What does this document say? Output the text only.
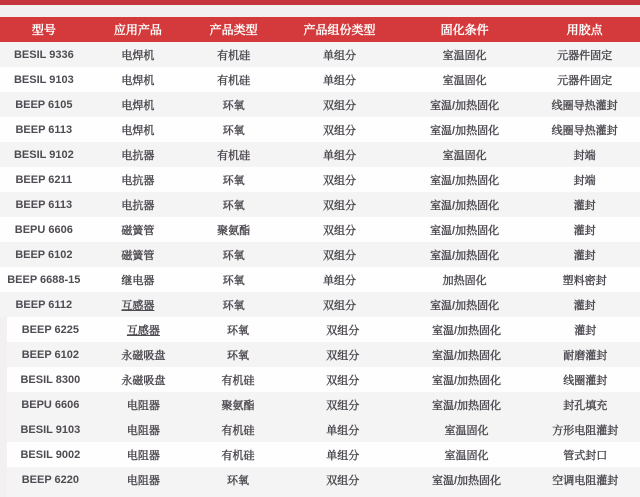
型号	应用产品	产品类型	产品组份类型	固化条件	用胶点
BESIL 9336	电焊机	有机硅	单组分	室温固化	元器件固定
BESIL 9103	电焊机	有机硅	单组分	室温固化	元器件固定
BEEP 6105	电焊机	环氧	双组分	室温/加热固化	线圈导热灌封
BEEP 6113	电焊机	环氧	双组分	室温/加热固化	线圈导热灌封
BESIL 9102	电抗器	有机硅	单组分	室温固化	封端
BEEP 6211	电抗器	环氧	双组分	室温/加热固化	封端
BEEP 6113	电抗器	环氧	双组分	室温/加热固化	灌封
BEPU 6606	磁簧管	聚氨酯	双组分	室温/加热固化	灌封
BEEP 6102	磁簧管	环氧	双组分	室温/加热固化	灌封
BEEP 6688-15	继电器	环氧	单组分	加热固化	塑料密封
BEEP 6112	互感器	环氧	双组分	室温/加热固化	灌封
BEEP 6225	互感器	环氧	双组分	室温/加热固化	灌封
BEEP 6102	永磁吸盘	环氧	双组分	室温/加热固化	耐磨灌封
BESIL 8300	永磁吸盘	有机硅	双组分	室温/加热固化	线圈灌封
BEPU 6606	电阻器	聚氨酯	双组分	室温/加热固化	封孔填充
BESIL 9103	电阻器	有机硅	单组分	室温固化	方形电阻灌封
BESIL 9002	电阻器	有机硅	单组分	室温固化	管式封口
BEEP 6220	电阻器	环氧	双组分	室温/加热固化	空调电阻灌封
